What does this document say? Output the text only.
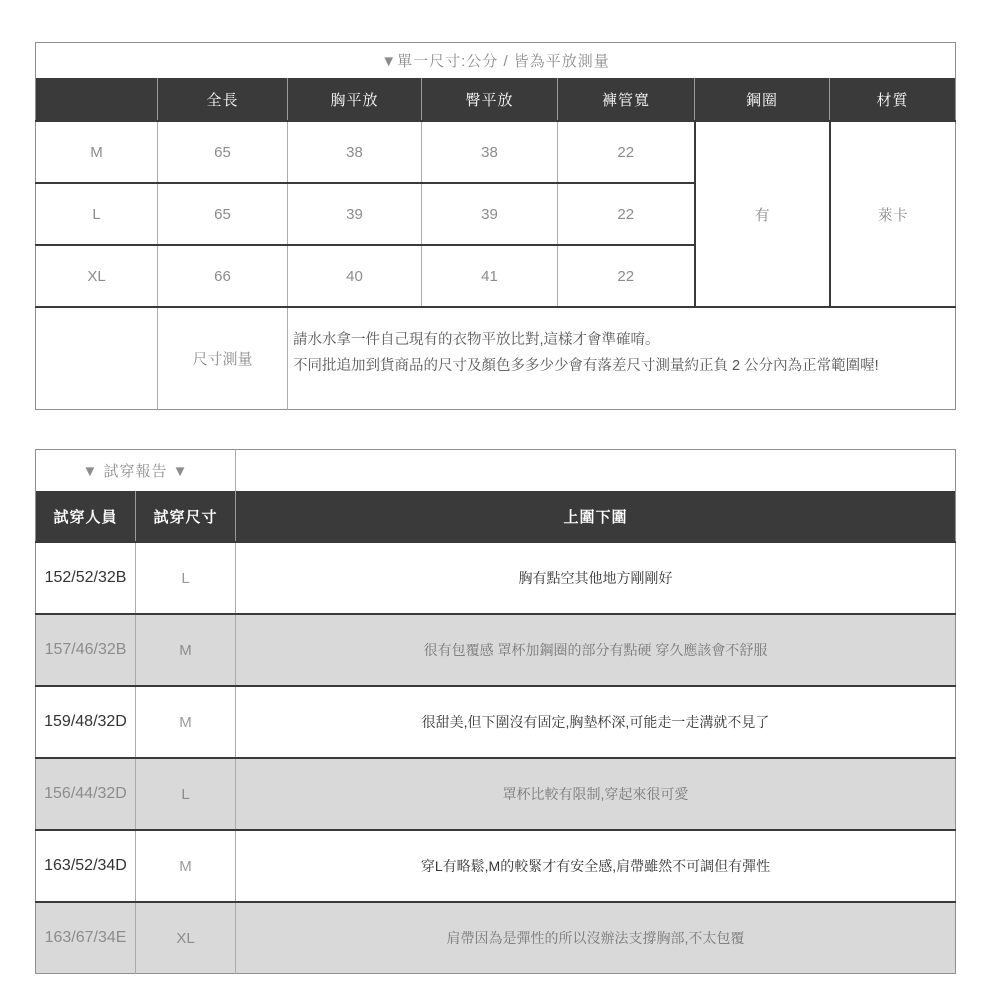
▼單一尺寸:公分 / 皆為平放測量						
	全長	胸平放	臀平放	褲管寬	鋼圈	材質
M	65	38	38	22	有	萊卡
L	65	39	39	22		
XL	66	40	41	22		
	尺寸測量	請水水拿一件自己現有的衣物平放比對,這樣才會準確唷。
不同批追加到貨商品的尺寸及顏色多多少少會有落差尺寸測量約正負 2 公分內為正常範圍喔!				
▼ 試穿報告 ▼		
試穿人員	試穿尺寸	上圍下圍
152/52/32B	L	胸有點空其他地方剛剛好
157/46/32B	M	很有包覆感 罩杯加鋼圈的部分有點硬 穿久應該會不舒服
159/48/32D	M	很甜美,但下圍沒有固定,胸墊杯深,可能走一走溝就不見了
156/44/32D	L	罩杯比較有限制,穿起來很可愛
163/52/34D	M	穿L有略鬆,M的較緊才有安全感,肩帶雖然不可調但有彈性
163/67/34E	XL	肩帶因為是彈性的所以沒辦法支撐胸部,不太包覆
